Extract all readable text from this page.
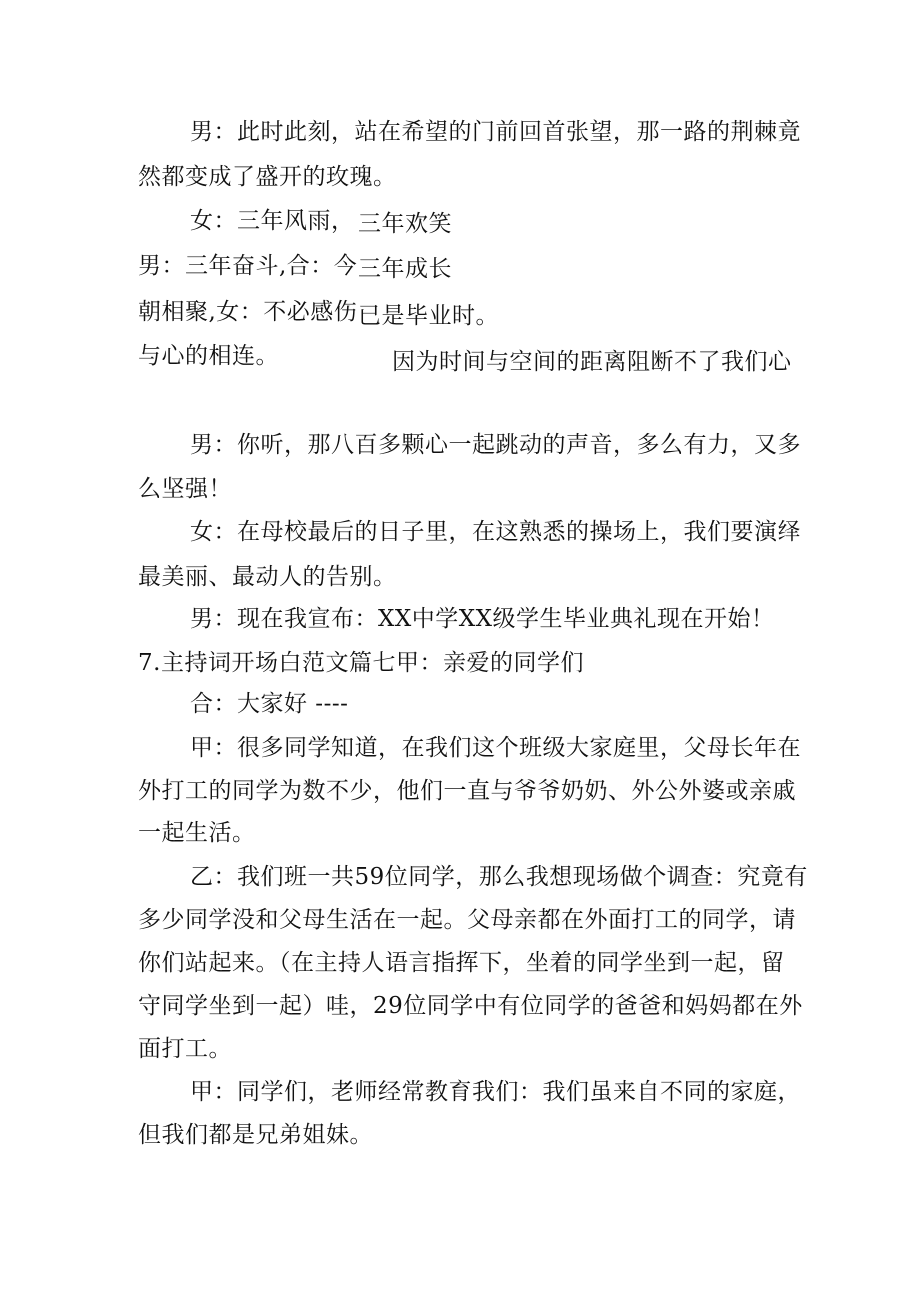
男：此时此刻，站在希望的门前回首张望，那一路的荆棘竟
然都变成了盛开的玫瑰。
女：三年风雨， 三年欢笑
男：三年奋斗,合：今 三年成长
朝相聚,女：不必感伤 已是毕业时。
与心的相连。	因为时间与空间的距离阻断不了我们心
男：你听，那八百多颗心一起跳动的声音，多么有力，又多
么坚强！
女：在母校最后的日子里，在这熟悉的操场上，我们要演绎
最美丽、最动人的告别。
男：现在我宣布：XX中学XX级学生毕业典礼现在开始！
7.主持词开场白范文篇七甲：亲爱的同学们
合：大家好 ----
甲：很多同学知道，在我们这个班级大家庭里，父母长年在
外打工的同学为数不少，他们一直与爷爷奶奶、外公外婆或亲戚
一起生活。
乙：我们班一共59位同学，那么我想现场做个调查：究竟有
多少同学没和父母生活在一起。父母亲都在外面打工的同学，请
你们站起来。（在主持人语言指挥下，坐着的同学坐到一起，留
守同学坐到一起）哇，29位同学中有位同学的爸爸和妈妈都在外
面打工。
甲：同学们，老师经常教育我们：我们虽来自不同的家庭，
但我们都是兄弟姐妹。
